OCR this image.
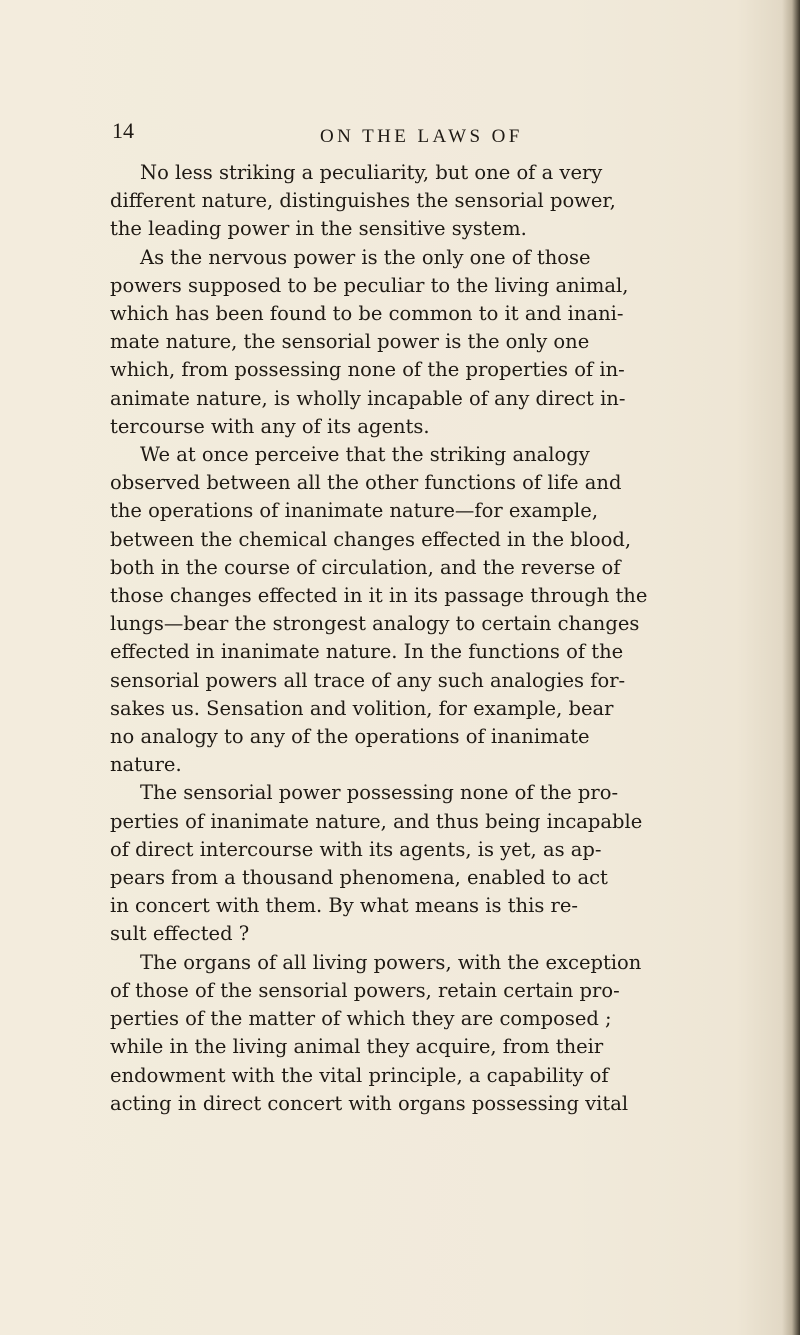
14	ON THE LAWS OF

No less striking a peculiarity, but one of a very
different nature, distinguishes the sensorial power,
the leading power in the sensitive system.
As the nervous power is the only one of those
powers supposed to be peculiar to the living animal,
which has been found to be common to it and inani-
mate nature, the sensorial power is the only one
which, from possessing none of the properties of in-
animate nature, is wholly incapable of any direct in-
tercourse with any of its agents.
We at once perceive that the striking analogy
observed between all the other functions of life and
the operations of inanimate nature—for example,
between the chemical changes effected in the blood,
both in the course of circulation, and the reverse of
those changes effected in it in its passage through the
lungs—bear the strongest analogy to certain changes
effected in inanimate nature. In the functions of the
sensorial powers all trace of any such analogies for-
sakes us. Sensation and volition, for example, bear
no analogy to any of the operations of inanimate
nature.
The sensorial power possessing none of the pro-
perties of inanimate nature, and thus being incapable
of direct intercourse with its agents, is yet, as ap-
pears from a thousand phenomena, enabled to act
in concert with them. By what means is this re-
sult effected ?
The organs of all living powers, with the exception
of those of the sensorial powers, retain certain pro-
perties of the matter of which they are composed ;
while in the living animal they acquire, from their
endowment with the vital principle, a capability of
acting in direct concert with organs possessing vital
